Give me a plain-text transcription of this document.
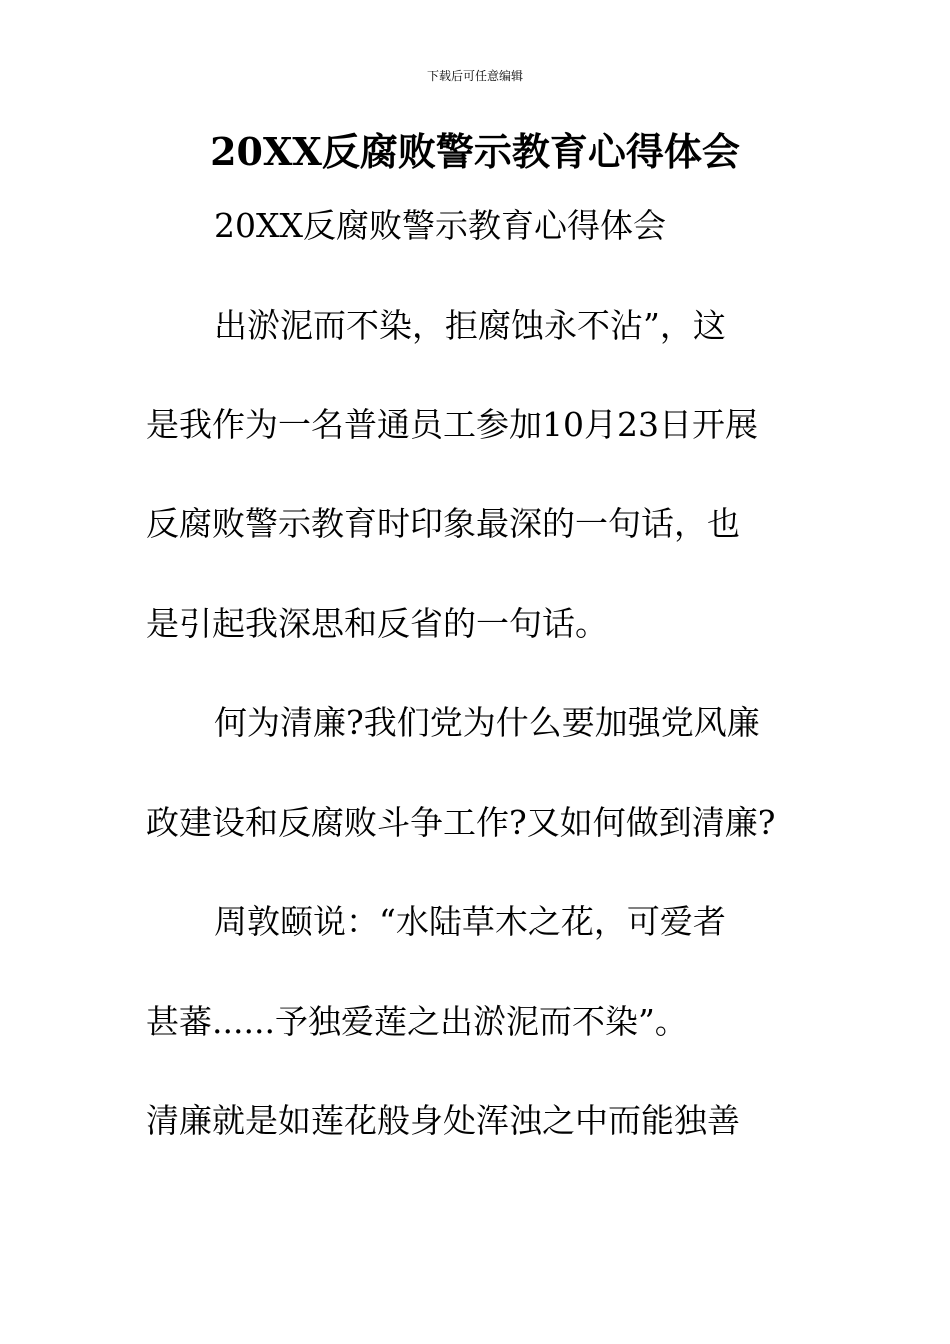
下载后可任意编辑
20XX反腐败警示教育心得体会
20XX反腐败警示教育心得体会
出淤泥而不染，拒腐蚀永不沾”，这
是我作为一名普通员工参加10月23日开展
反腐败警示教育时印象最深的一句话，也
是引起我深思和反省的一句话。
何为清廉?我们党为什么要加强党风廉
政建设和反腐败斗争工作?又如何做到清廉?
周敦颐说：“水陆草木之花，可爱者
甚蕃......予独爱莲之出淤泥而不染”。
清廉就是如莲花般身处浑浊之中而能独善
